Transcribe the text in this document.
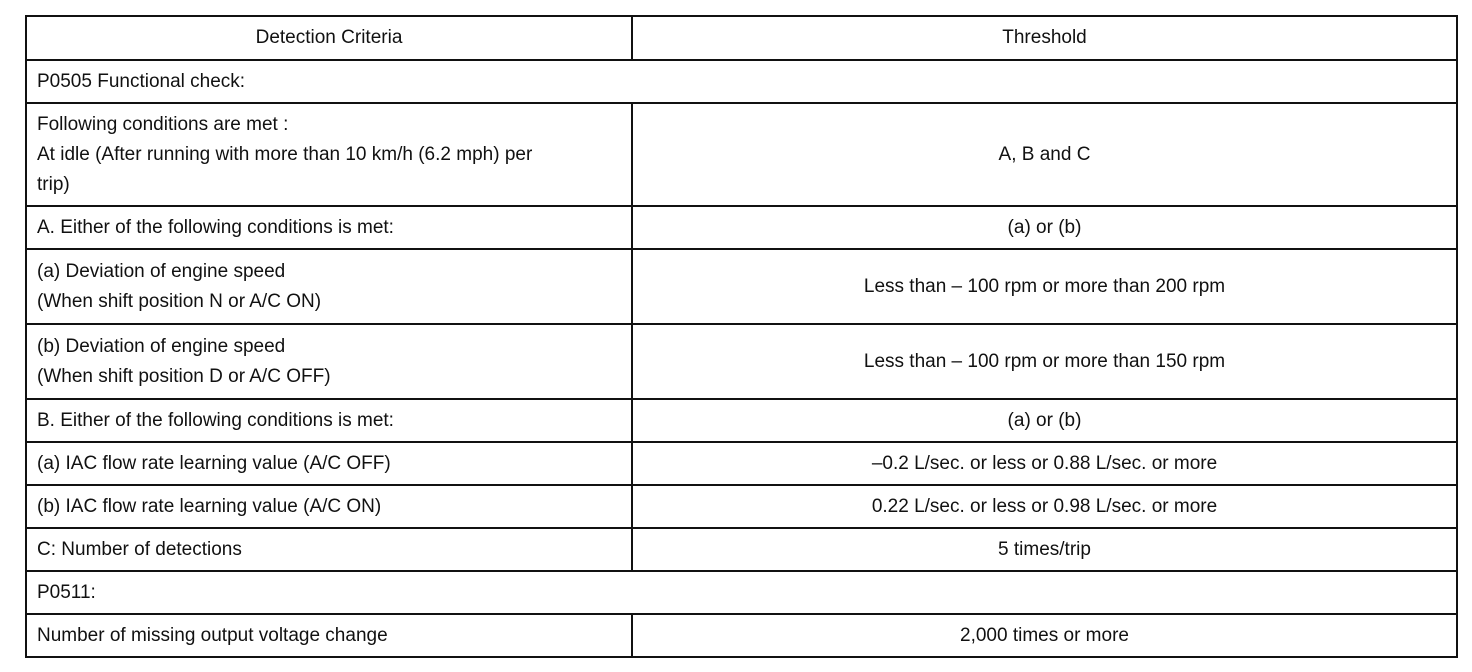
Detection Criteria	Threshold
P0505 Functional check:	

Following conditions are met :
At idle (After running with more than 10 km/h (6.2 mph) per
trip)	A, B and C

A. Either of the following conditions is met:	(a) or (b)

(a) Deviation of engine speed
(When shift position N or A/C ON)	Less than – 100 rpm or more than 200 rpm

(b) Deviation of engine speed
(When shift position D or A/C OFF)	Less than – 100 rpm or more than 150 rpm

B. Either of the following conditions is met:	(a) or (b)

(a) IAC flow rate learning value (A/C OFF)	–0.2 L/sec. or less or 0.88 L/sec. or more

(b) IAC flow rate learning value (A/C ON)	0.22 L/sec. or less or 0.98 L/sec. or more

C: Number of detections	5 times/trip
P0511:	

Number of missing output voltage change	2,000 times or more
